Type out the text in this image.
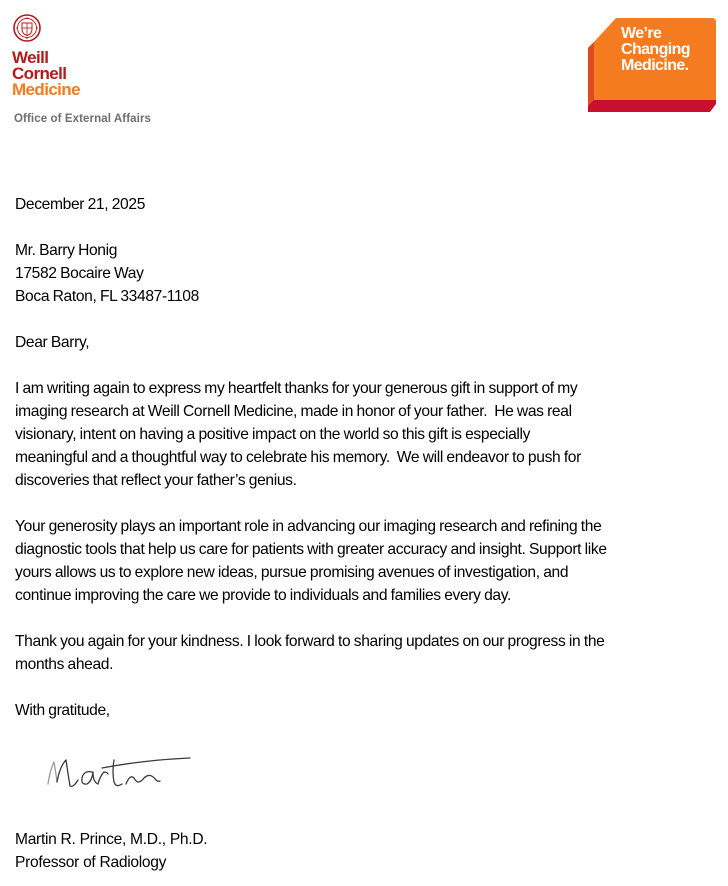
Weill
Cornell
Medicine
Office of External Affairs
We’re
Changing
Medicine.
December 21, 2025
Mr. Barry Honig
17582 Bocaire Way
Boca Raton, FL 33487-1108
Dear Barry,
I am writing again to express my heartfelt thanks for your generous gift in support of my
imaging research at Weill Cornell Medicine, made in honor of your father.  He was real
visionary, intent on having a positive impact on the world so this gift is especially
meaningful and a thoughtful way to celebrate his memory.  We will endeavor to push for
discoveries that reflect your father’s genius.
Your generosity plays an important role in advancing our imaging research and refining the
diagnostic tools that help us care for patients with greater accuracy and insight. Support like
yours allows us to explore new ideas, pursue promising avenues of investigation, and
continue improving the care we provide to individuals and families every day.
Thank you again for your kindness. I look forward to sharing updates on our progress in the
months ahead.
With gratitude,
Martin R. Prince, M.D., Ph.D.
Professor of Radiology
